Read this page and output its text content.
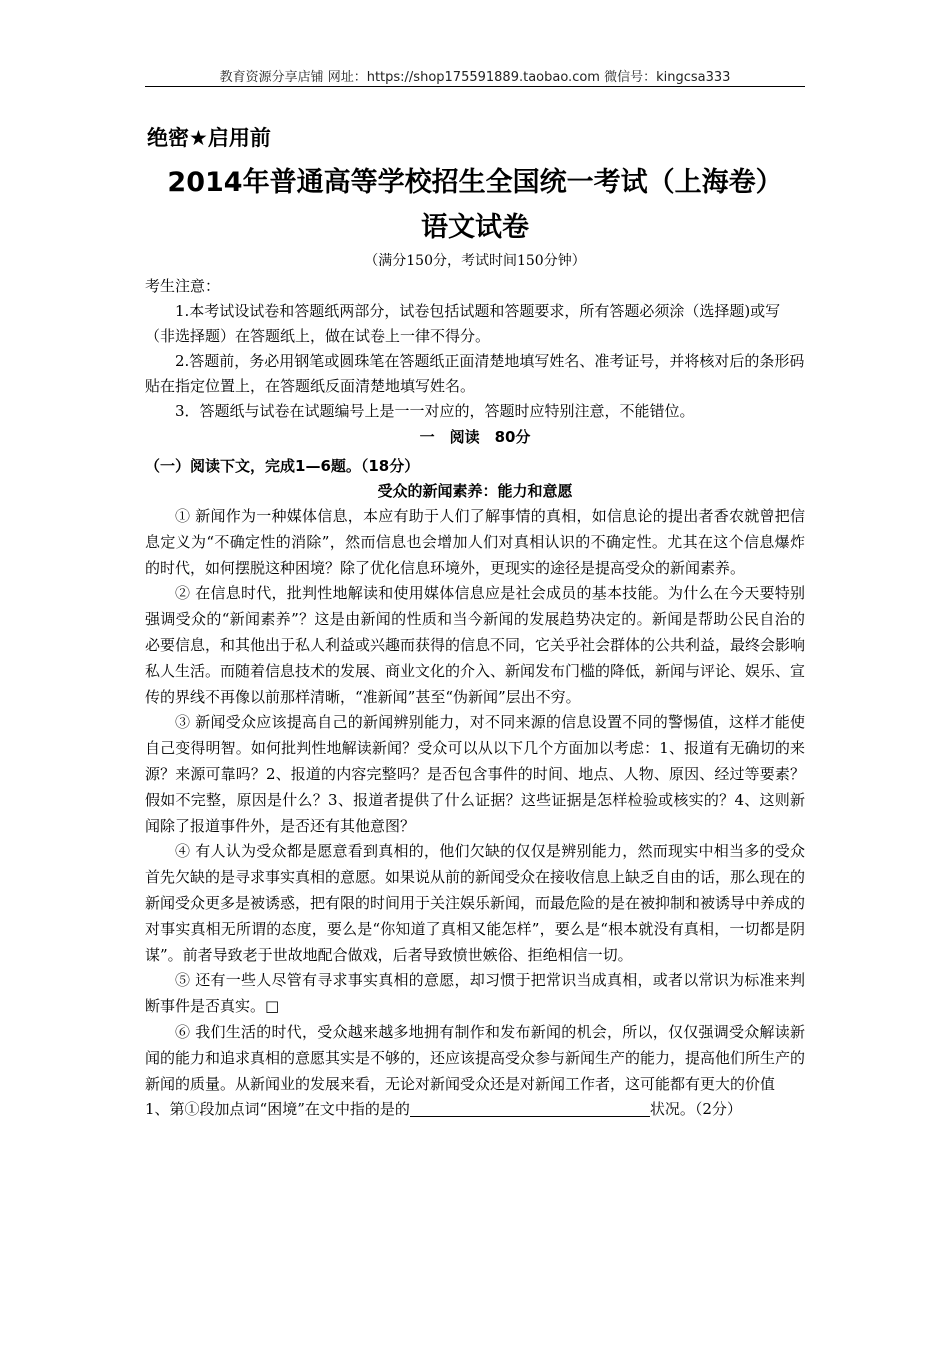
教育资源分享店铺 网址：https://shop175591889.taobao.com 微信号：kingcsa333
绝密★启用前
2014年普通高等学校招生全国统一考试（上海卷）
语文试卷
（满分150分，考试时间150分钟）

考生注意：

1.本考试设试卷和答题纸两部分，试卷包括试题和答题要求，所有答题必须涂（选择题)或写（非选择题）在答题纸上，做在试卷上一律不得分。

2.答题前，务必用钢笔或圆珠笔在答题纸正面清楚地填写姓名、准考证号，并将核对后的条形码贴在指定位置上，在答题纸反面清楚地填写姓名。

3．答题纸与试卷在试题编号上是一一对应的，答题时应特别注意，不能错位。

一　阅读　80分

（一）阅读下文，完成1—6题。（18分）

受众的新闻素养：能力和意愿

① 新闻作为一种媒体信息，本应有助于人们了解事情的真相，如信息论的提出者香农就曾把信息定义为“不确定性的消除”，然而信息也会增加人们对真相认识的不确定性。尤其在这个信息爆炸的时代，如何摆脱这种困境？除了优化信息环境外，更现实的途径是提高受众的新闻素养。

② 在信息时代，批判性地解读和使用媒体信息应是社会成员的基本技能。为什么在今天要特别强调受众的“新闻素养”？这是由新闻的性质和当今新闻的发展趋势决定的。新闻是帮助公民自治的必要信息，和其他出于私人利益或兴趣而获得的信息不同，它关乎社会群体的公共利益，最终会影响私人生活。而随着信息技术的发展、商业文化的介入、新闻发布门槛的降低，新闻与评论、娱乐、宣传的界线不再像以前那样清晰，“准新闻”甚至“伪新闻”层出不穷。

③ 新闻受众应该提高自己的新闻辨别能力，对不同来源的信息设置不同的警惕值，这样才能使自己变得明智。如何批判性地解读新闻？受众可以从以下几个方面加以考虑：1、报道有无确切的来源？来源可靠吗？2、报道的内容完整吗？是否包含事件的时间、地点、人物、原因、经过等要素？假如不完整，原因是什么？3、报道者提供了什么证据？这些证据是怎样检验或核实的？4、这则新闻除了报道事件外，是否还有其他意图？

④ 有人认为受众都是愿意看到真相的，他们欠缺的仅仅是辨别能力，然而现实中相当多的受众首先欠缺的是寻求事实真相的意愿。如果说从前的新闻受众在接收信息上缺乏自由的话，那么现在的新闻受众更多是被诱惑，把有限的时间用于关注娱乐新闻，而最危险的是在被抑制和被诱导中养成的对事实真相无所谓的态度，要么是“你知道了真相又能怎样”，要么是“根本就没有真相，一切都是阴谋”。前者导致老于世故地配合做戏，后者导致愤世嫉俗、拒绝相信一切。

⑤ 还有一些人尽管有寻求事实真相的意愿，却习惯于把常识当成真相，或者以常识为标准来判断事件是否真实。□

⑥ 我们生活的时代，受众越来越多地拥有制作和发布新闻的机会，所以，仅仅强调受众解读新闻的能力和追求真相的意愿其实是不够的，还应该提高受众参与新闻生产的能力，提高他们所生产的新闻的质量。从新闻业的发展来看，无论对新闻受众还是对新闻工作者，这可能都有更大的价值

1、第①段加点词“困境”在文中指的是的	状况。（2分）
